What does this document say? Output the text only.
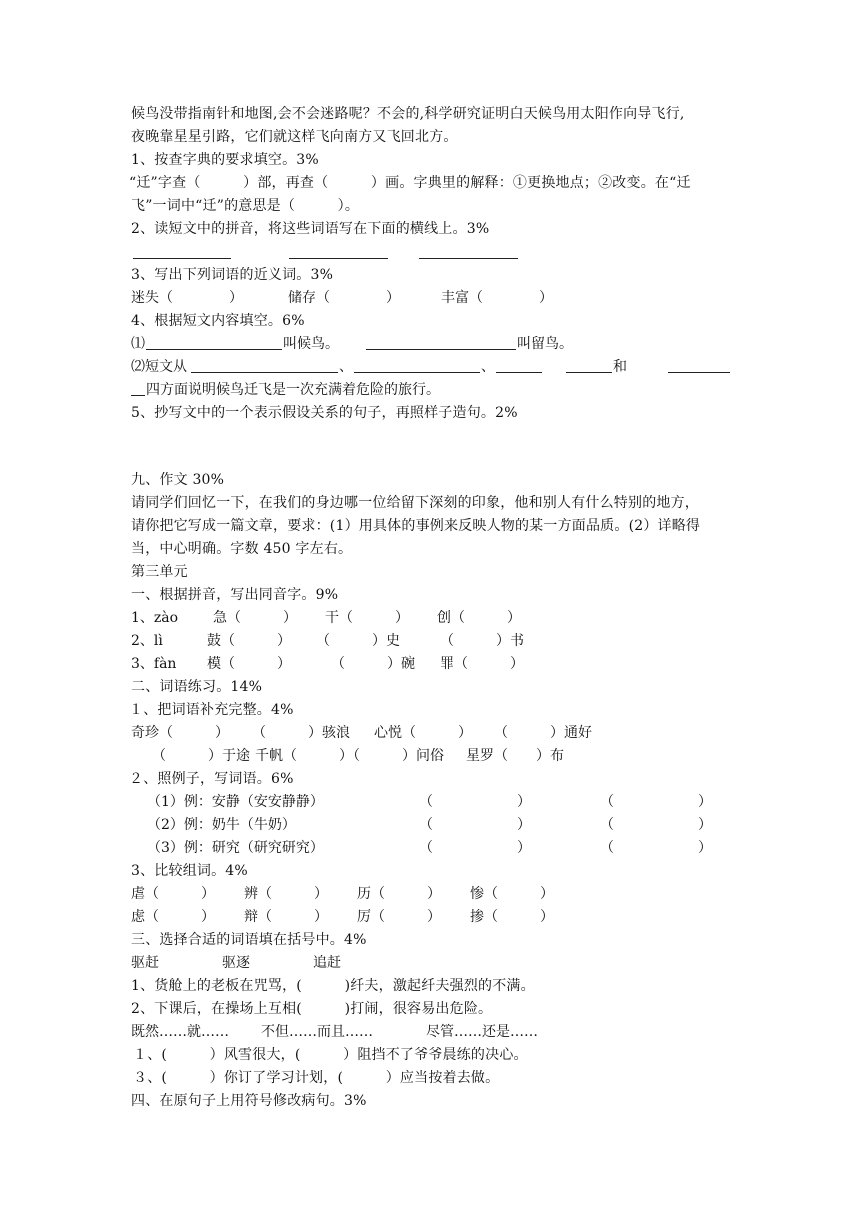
候鸟没带指南针和地图,会不会迷路呢？不会的,科学研究证明白天候鸟用太阳作向导飞行,
夜晚靠星星引路，它们就这样飞向南方又飞回北方。
1、按查字典的要求填空。3%
“迁”字查（　　　）部，再查（　　　）画。字典里的解释：①更换地点；②改变。在“迁
飞”一词中“迁”的意思是（　　　）。
2、读短文中的拼音，将这些词语写在下面的横线上。3%
3、写出下列词语的近义词。3%
迷失（　　　　）	储存（　　　　）	丰富（　　　　）
4、根据短文内容填空。6%
⑴	叫候鸟。	叫留鸟。
⑵短文从	、	、	和
四方面说明候鸟迁飞是一次充满着危险的旅行。
5、抄写文中的一个表示假设关系的句子，再照样子造句。2%
九、作文 30%
请同学们回忆一下，在我们的身边哪一位给留下深刻的印象，他和别人有什么特别的地方，
请你把它写成一篇文章，要求：(1）用具体的事例来反映人物的某一方面品质。(2）详略得
当，中心明确。字数 450 字左右。
第三单元
一、根据拼音，写出同音字。9%
1、zào 急（　　　） 干（　　　） 创（　　　）
2、lì	鼓（　　　） （　　　）史	（　　　）书
3、fàn 模（　　　）	（　　　）碗 罪（　　　）
二、词语练习。14%
１、把词语补充完整。4%
奇珍（　　　） （　　　）骇浪 心悦（　　　） （　　　）通好
（　　　）于途 千帆（　　　）（　　　）问俗 星罗（　　）布
２、照例子，写词语。6%
（1）例：安静（安安静静）	（　　　　　　）	（　　　　　　）
（2）例：奶牛（牛奶）	（　　　　　　）	（　　　　　　）
（3）例：研究（研究研究）	（　　　　　　）	（　　　　　　）
3、比较组词。4%
虐（　　　） 辨（　　　） 历（　　　） 惨（　　　）
虑（　　　） 辩（　　　） 厉（　　　） 掺（　　　）
三、选择合适的词语填在括号中。4%
驱赶	驱逐	追赶
1、货舱上的老板在咒骂，(　　　)纤夫，激起纤夫强烈的不满。
2、下课后，在操场上互相(　　　)打闹，很容易出危险。
既然……就…… 不但……而且……	尽管……还是……
１、(　　　）风雪很大，(　　　）阻挡不了爷爷晨练的决心。
３、(　　　）你订了学习计划，(　　　）应当按着去做。
四、在原句子上用符号修改病句。3%
